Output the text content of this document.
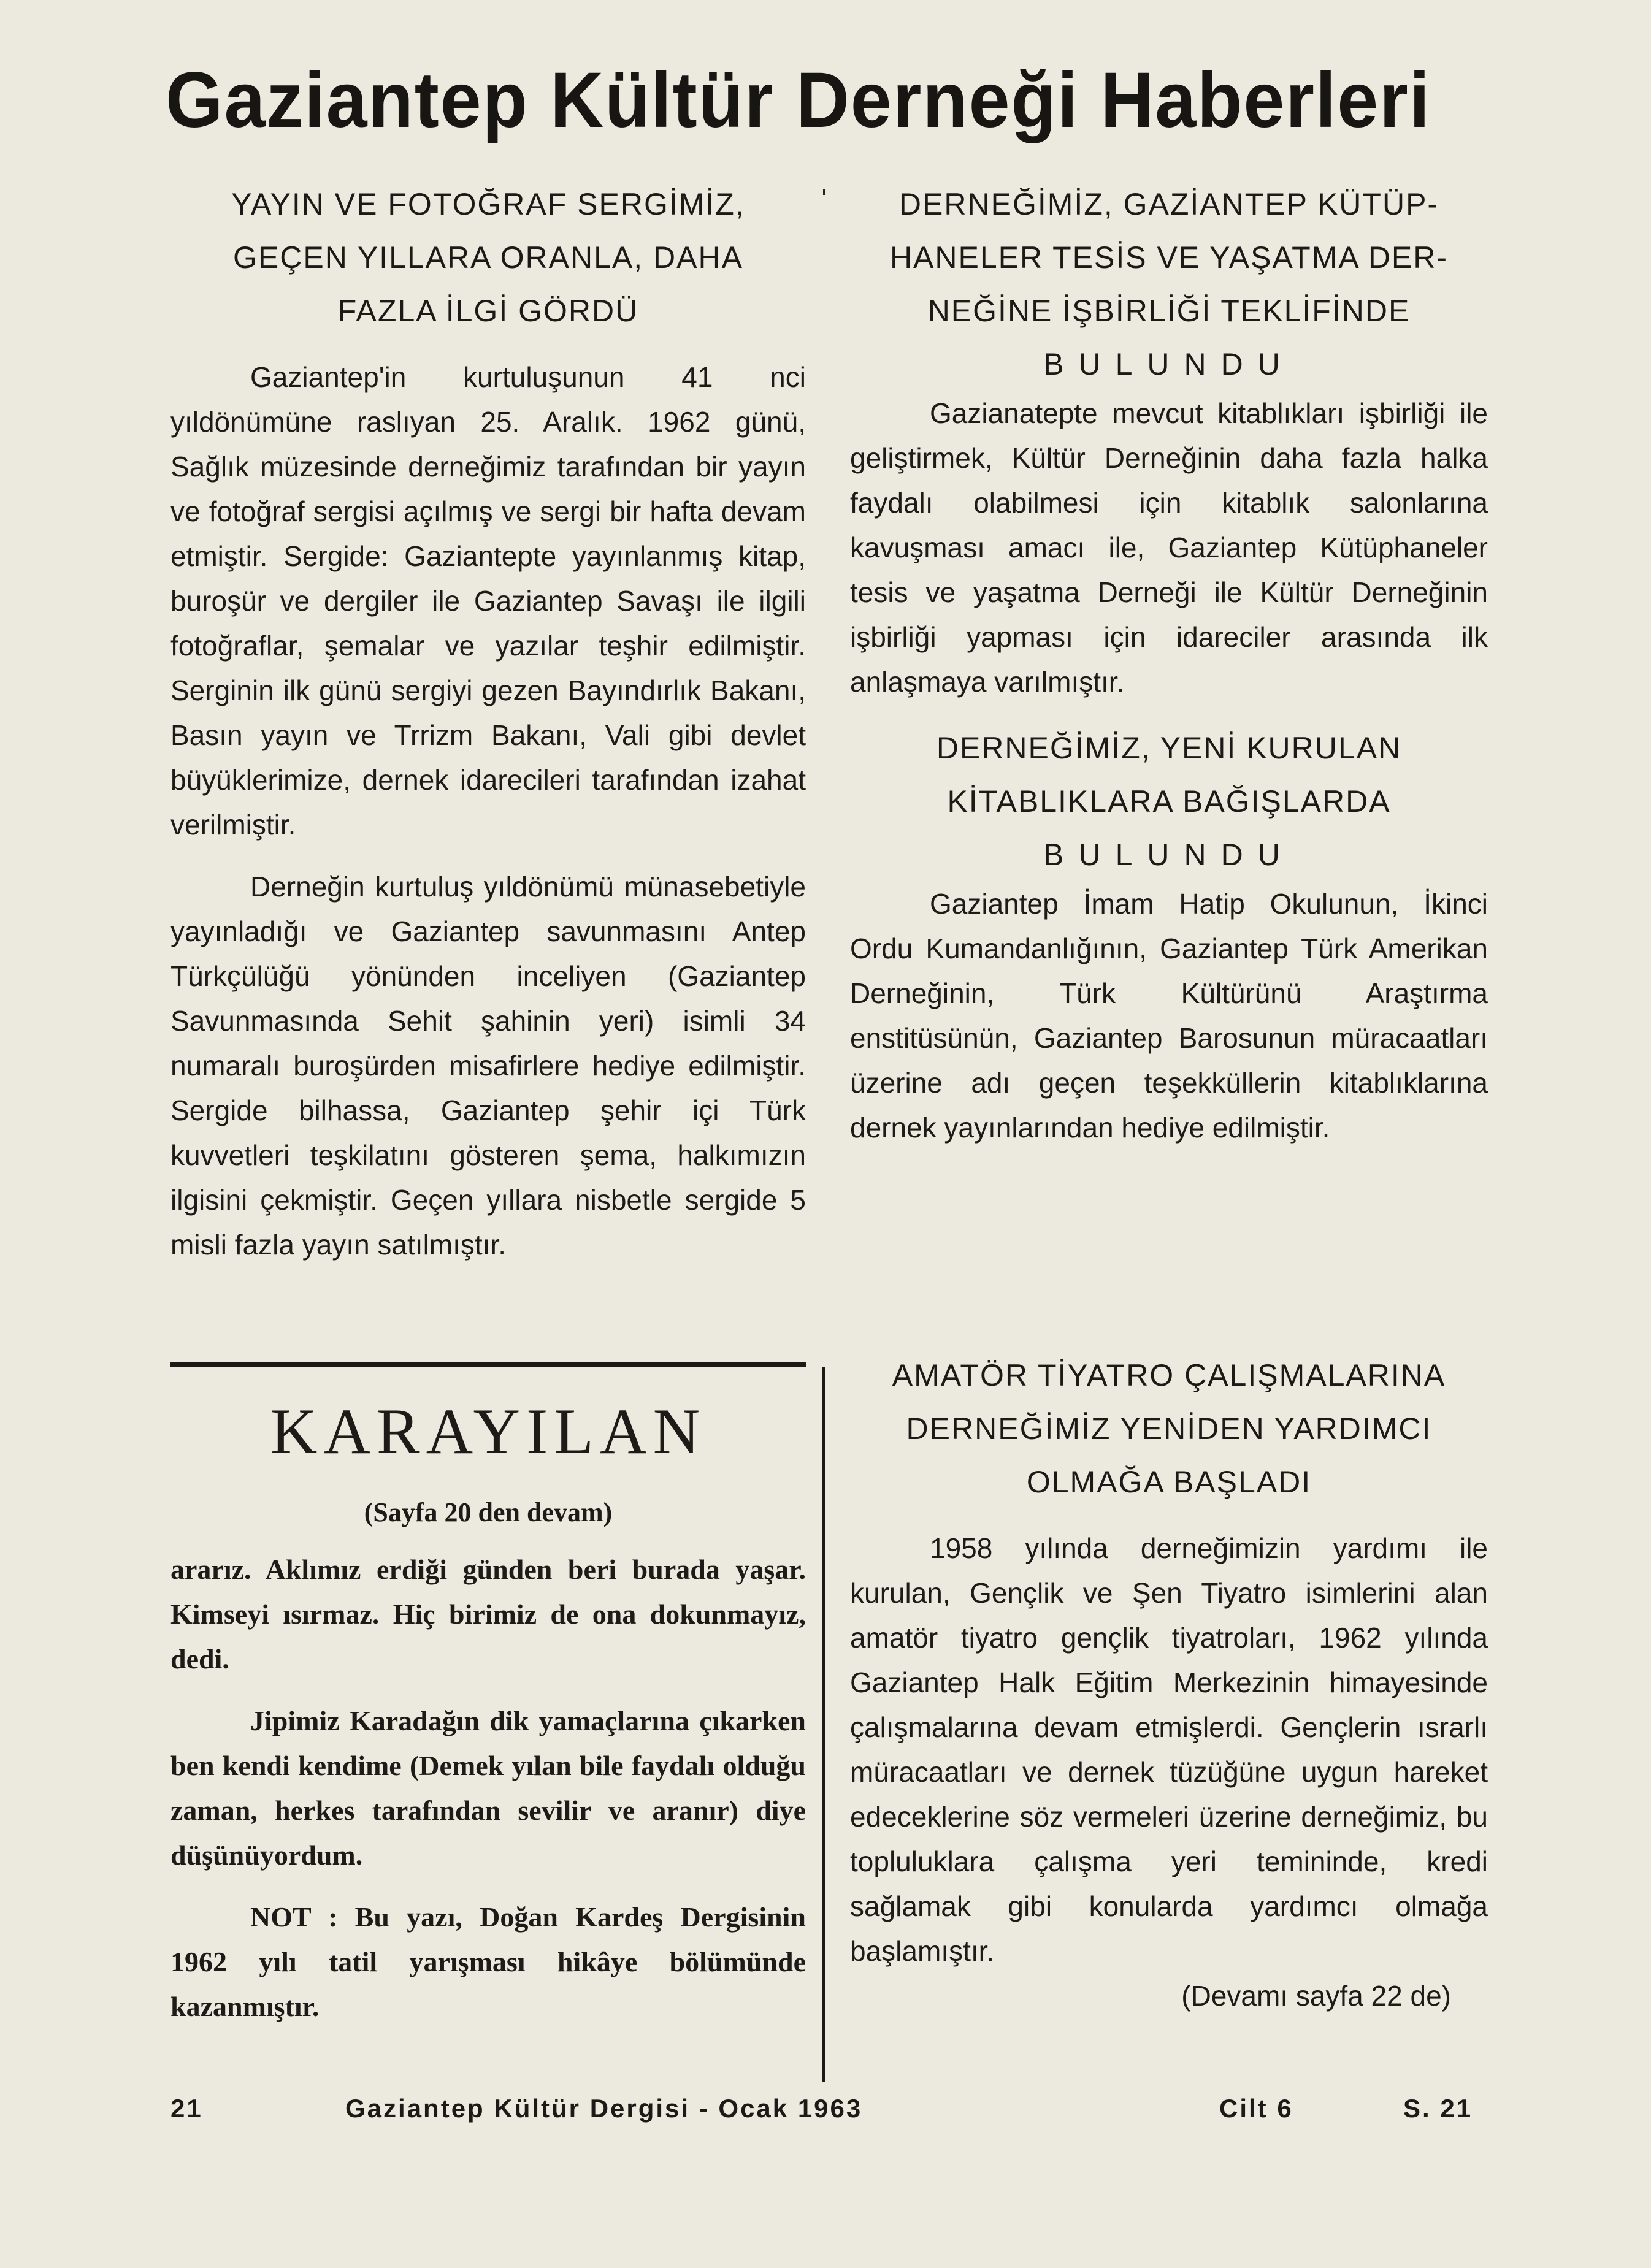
Gaziantep Kültür Derneği Haberleri
YAYIN VE FOTOĞRAF SERGİMİZ,
GEÇEN YILLARA ORANLA, DAHA
FAZLA İLGİ GÖRDÜ

Gaziantep'in kurtuluşunun 41 nci yıldönümüne raslıyan 25. Aralık. 1962 günü, Sağlık müzesinde derneğimiz tarafından bir yayın ve fotoğraf sergisi açılmış ve sergi bir hafta devam etmiştir. Sergide: Gaziantepte yayınlanmış kitap, buroşür ve dergiler ile Gaziantep Savaşı ile ilgili fotoğraflar, şemalar ve yazılar teşhir edilmiştir. Serginin ilk günü sergiyi gezen Bayındırlık Bakanı, Basın yayın ve Trrizm Bakanı, Vali gibi devlet büyüklerimize, dernek idarecileri tarafından izahat verilmiştir.

Derneğin kurtuluş yıldönümü münasebetiyle yayınladığı ve Gaziantep savunmasını Antep Türkçülüğü yönünden inceliyen (Gaziantep Savunmasında Sehit şahinin yeri) isimli 34 numaralı buroşürden misafirlere hediye edilmiştir. Sergide bilhassa, Gaziantep şehir içi Türk kuvvetleri teşkilatını gösteren şema, halkımızın ilgisini çekmiştir. Geçen yıllara nisbetle sergide 5 misli fazla yayın satılmıştır.

DERNEĞİMİZ, GAZİANTEP KÜTÜP-
HANELER TESİS VE YAŞATMA DER-
NEĞİNE İŞBİRLİĞİ TEKLİFİNDE
BULUNDU

Gazianatepte mevcut kitablıkları işbirliği ile geliştirmek, Kültür Derneğinin daha fazla halka faydalı olabilmesi için kitablık salonlarına kavuşması amacı ile, Gaziantep Kütüphaneler tesis ve yaşatma Derneği ile Kültür Derneğinin işbirliği yapması için idareciler arasında ilk anlaşmaya varılmıştır.

DERNEĞİMİZ, YENİ KURULAN
KİTABLIKLARA BAĞIŞLARDA
BULUNDU

Gaziantep İmam Hatip Okulunun, İkinci Ordu Kumandanlığının, Gaziantep Türk Amerikan Derneğinin, Türk Kültürünü Araştırma enstitüsünün, Gaziantep Barosunun müracaatları üzerine adı geçen teşekküllerin kitablıklarına dernek yayınlarından hediye edilmiştir.

KARAYILAN

(Sayfa 20 den devam)

ararız. Aklımız erdiği günden beri burada yaşar. Kimseyi ısırmaz. Hiç birimiz de ona dokunmayız, dedi.

Jipimiz Karadağın dik yamaçlarına çıkarken ben kendi kendime (Demek yılan bile faydalı olduğu zaman, herkes tarafından sevilir ve aranır) diye düşünüyordum.

NOT : Bu yazı, Doğan Kardeş Dergisinin 1962 yılı tatil yarışması hikâye bölümünde kazanmıştır.

AMATÖR TİYATRO ÇALIŞMALARINA
DERNEĞİMİZ YENİDEN YARDIMCI
OLMAĞA BAŞLADI

1958 yılında derneğimizin yardımı ile kurulan, Gençlik ve Şen Tiyatro isimlerini alan amatör tiyatro gençlik tiyatroları, 1962 yılında Gaziantep Halk Eğitim Merkezinin himayesinde çalışmalarına devam etmişlerdi. Gençlerin ısrarlı müracaatları ve dernek tüzüğüne uygun hareket edeceklerine söz vermeleri üzerine derneğimiz, bu topluluklara çalışma yeri temininde, kredi sağlamak gibi konularda yardımcı olmağa başlamıştır.

(Devamı sayfa 22 de)

21	Gaziantep Kültür Dergisi - Ocak 1963	Cilt 6	S. 21
